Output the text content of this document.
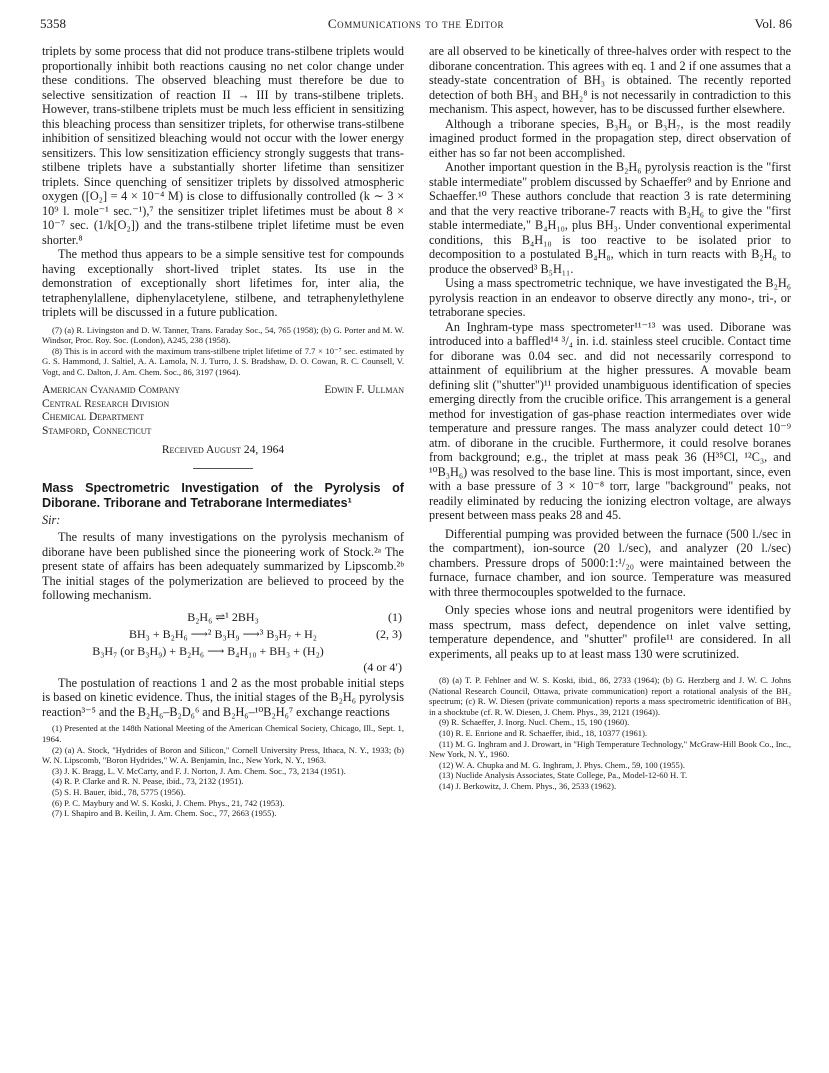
5358	Communications to the Editor	Vol. 86

triplets by some process that did not produce trans-stilbene triplets would proportionally inhibit both reactions causing no net color change under these conditions. The observed bleaching must therefore be due to selective sensitization of reaction II → III by trans-stilbene triplets. However, trans-stilbene triplets must be much less efficient in sensitizing this bleaching process than sensitizer triplets, for otherwise trans-stilbene inhibition of sensitized bleaching would not occur with the lower energy sensitizers. This low sensitization efficiency strongly suggests that trans-stilbene triplets have a substantially shorter lifetime than sensitizer triplets. Since quenching of sensitizer triplets by dissolved atmospheric oxygen ([O₂] = 4 × 10⁻⁴ M) is close to diffusionally controlled (k ∼ 3 × 10⁹ l. mole⁻¹ sec.⁻¹),⁷ the sensitizer triplet lifetimes must be about 8 × 10⁻⁷ sec. (1/k[O₂]) and the trans-stilbene triplet lifetime must be even shorter.⁸

The method thus appears to be a simple sensitive test for compounds having exceptionally short-lived triplet states. Its use in the demonstration of exceptionally short lifetimes for, inter alia, the tetraphenylallene, diphenylacetylene, stilbene, and tetraphenylethylene triplets will be discussed in a future publication.

(7) (a) R. Livingston and D. W. Tanner, Trans. Faraday Soc., 54, 765 (1958); (b) G. Porter and M. W. Windsor, Proc. Roy. Soc. (London), A245, 238 (1958).

(8) This is in accord with the maximum trans-stilbene triplet lifetime of 7.7 × 10⁻⁷ sec. estimated by G. S. Hammond, J. Saltiel, A. A. Lamola, N. J. Turro, J. S. Bradshaw, D. O. Cowan, R. C. Counsell, V. Vogt, and C. Dalton, J. Am. Chem. Soc., 86, 3197 (1964).

American Cyanamid Company
Central Research Division
Chemical Department
Stamford, Connecticut
Edwin F. Ullman
Received August 24, 1964
Mass Spectrometric Investigation of the Pyrolysis of Diborane. Triborane and Tetraborane Intermediates¹
Sir:

The results of many investigations on the pyrolysis mechanism of diborane have been published since the pioneering work of Stock.²ᵃ The present state of affairs has been adequately summarized by Lipscomb.²ᵇ The initial stages of the polymerization are believed to proceed by the following mechanism.

B₂H₆ ⇌¹ 2BH₃	(1)
BH₃ + B₂H₆ ⟶² B₃H₉ ⟶³ B₃H₇ + H₂	(2, 3)
B₃H₇ (or B₃H₉) + B₂H₆ ⟶ B₄H₁₀ + BH₃ + (H₂)
(4 or 4′)

The postulation of reactions 1 and 2 as the most probable initial steps is based on kinetic evidence. Thus, the initial stages of the B₂H₆ pyrolysis reaction³⁻⁵ and the B₂H₆–B₂D₆⁶ and B₂H₆–¹⁰B₂H₆⁷ exchange reactions

(1) Presented at the 148th National Meeting of the American Chemical Society, Chicago, Ill., Sept. 1, 1964.

(2) (a) A. Stock, "Hydrides of Boron and Silicon," Cornell University Press, Ithaca, N. Y., 1933; (b) W. N. Lipscomb, "Boron Hydrides," W. A. Benjamin, Inc., New York, N. Y., 1963.

(3) J. K. Bragg, L. V. McCarty, and F. J. Norton, J. Am. Chem. Soc., 73, 2134 (1951).

(4) R. P. Clarke and R. N. Pease, ibid., 73, 2132 (1951).

(5) S. H. Bauer, ibid., 78, 5775 (1956).

(6) P. C. Maybury and W. S. Koski, J. Chem. Phys., 21, 742 (1953).

(7) I. Shapiro and B. Keilin, J. Am. Chem. Soc., 77, 2663 (1955).

are all observed to be kinetically of three-halves order with respect to the diborane concentration. This agrees with eq. 1 and 2 if one assumes that a steady-state concentration of BH₃ is obtained. The recently reported detection of both BH₃ and BH₂⁸ is not necessarily in contradiction to this mechanism. This aspect, however, has to be discussed further elsewhere.

Although a triborane species, B₃H₉ or B₃H₇, is the most readily imagined product formed in the propagation step, direct observation of either has so far not been accomplished.

Another important question in the B₂H₆ pyrolysis reaction is the "first stable intermediate" problem discussed by Schaeffer⁹ and by Enrione and Schaeffer.¹⁰ These authors conclude that reaction 3 is rate determining and that the very reactive triborane-7 reacts with B₂H₆ to give the "first stable intermediate," B₄H₁₀, plus BH₃. Under conventional experimental conditions, this B₄H₁₀ is too reactive to be isolated prior to decomposition to a postulated B₄H₈, which in turn reacts with B₂H₆ to produce the observed³ B₅H₁₁.

Using a mass spectrometric technique, we have investigated the B₂H₆ pyrolysis reaction in an endeavor to observe directly any mono-, tri-, or tetraborane species.

An Inghram-type mass spectrometer¹¹⁻¹³ was used. Diborane was introduced into a baffled¹⁴ ³/₄ in. i.d. stainless steel crucible. Contact time for diborane was 0.04 sec. and did not necessarily correspond to attainment of equilibrium at the higher pressures. A movable beam defining slit ("shutter")¹¹ provided unambiguous identification of species emerging directly from the crucible orifice. This arrangement is a general method for investigation of gas-phase reaction intermediates over wide temperature and pressure ranges. The mass analyzer could detect 10⁻⁹ atm. of diborane in the crucible. Furthermore, it could resolve boranes from background; e.g., the triplet at mass peak 36 (H³⁵Cl, ¹²C₃, and ¹⁰B₃H₆) was resolved to the base line. This is most important, since, even with a base pressure of 3 × 10⁻⁸ torr, large "background" peaks, not readily eliminated by reducing the ionizing electron voltage, are always present between mass peaks 28 and 45.

Differential pumping was provided between the furnace (500 l./sec in the compartment), ion-source (20 l./sec), and analyzer (20 l./sec) chambers. Pressure drops of 5000:1:¹/₂₀ were maintained between the furnace, furnace chamber, and ion source. Temperature was measured with three thermocouples spotwelded to the furnace.

Only species whose ions and neutral progenitors were identified by mass spectrum, mass defect, dependence on inlet valve setting, temperature dependence, and "shutter" profile¹¹ are considered. In all experiments, all peaks up to at least mass 130 were scrutinized.

(8) (a) T. P. Fehlner and W. S. Koski, ibid., 86, 2733 (1964); (b) G. Herzberg and J. W. C. Johns (National Research Council, Ottawa, private communication) report a rotational analysis of the BH₂ spectrum; (c) R. W. Diesen (private communication) reports a mass spectrometric identification of BH₃ in a shocktube (cf. R. W. Diesen, J. Chem. Phys., 39, 2121 (1964)).

(9) R. Schaeffer, J. Inorg. Nucl. Chem., 15, 190 (1960).

(10) R. E. Enrione and R. Schaeffer, ibid., 18, 10377 (1961).

(11) M. G. Inghram and J. Drowart, in "High Temperature Technology," McGraw-Hill Book Co., Inc., New York, N. Y., 1960.

(12) W. A. Chupka and M. G. Inghram, J. Phys. Chem., 59, 100 (1955).

(13) Nuclide Analysis Associates, State College, Pa., Model-12-60 H. T.

(14) J. Berkowitz, J. Chem. Phys., 36, 2533 (1962).
